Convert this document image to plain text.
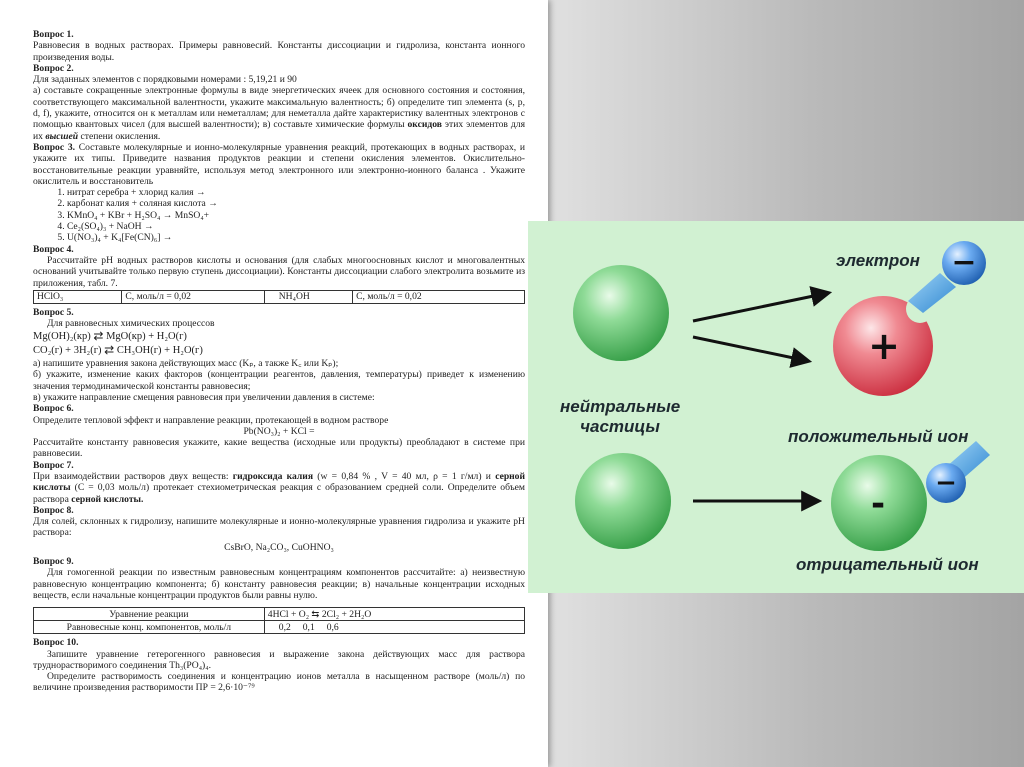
Вопрос 1.

Равновесия в водных растворах. Примеры равновесий. Константы диссоциации и гидролиза, константа ионного произведения воды.

Вопрос 2.

Для заданных элементов с порядковыми номерами : 5,19,21 и 90

а) составьте сокращенные электронные формулы в виде энергетических ячеек для основного состояния и состояния, соответствующего максимальной валентности, укажите максимальную валентность; б) определите тип элемента (s, p, d, f), укажите, относится он к металлам или неметаллам; для неметалла дайте характеристику валентных электронов с помощью квантовых чисел (для высшей валентности); в) составьте химические формулы оксидов этих элементов для их высшей степени окисления.

Вопрос 3. Составьте молекулярные и ионно-молекулярные уравнения реакций, протекающих в водных растворах, и укажите их типы. Приведите названия продуктов реакции и степени окисления элементов. Окислительно-восстановительные реакции уравняйте, используя метод электронного или электронно-ионного баланса . Укажите окислитель и восстановитель

1. нитрат серебра + хлорид калия →
2. карбонат калия + соляная кислота →
3. KMnO₄ + KBr + H₂SO₄ → MnSO₄+
4. Ce₂(SO₄)₃ + NaOH →
5. U(NO₃)₄ + K₄[Fe(CN)₆] →
Вопрос 4.

Рассчитайте pH водных растворов кислоты и основания (для слабых многоосновных кислот и многовалентных оснований учитывайте только первую ступень диссоциации). Константы диссоциации слабого электролита возьмите из приложения, табл. 7.

HClO₃	С, моль/л = 0,02	NH₄OH	С, моль/л = 0,02
Вопрос 5.

Для равновесных химических процессов

Mg(OH)₂(кр) ⇄ MgO(кр) + H₂O(г)
CO₂(г) + 3H₂(г) ⇄ CH₃OH(г) + H₂O(г)

а) напишите уравнения закона действующих масс (Kₚ, а также K꜀ или Kₚ);

б) укажите, изменение каких факторов (концентрации реагентов, давления, температуры) приведет к изменению значения термодинамической константы равновесия;

в) укажите направление смещения равновесия при увеличении давления в системе:

Вопрос 6.

Определите тепловой эффект и направление реакции, протекающей в водном растворе

Pb(NO₃)₂ + KCl =

Рассчитайте константу равновесия укажите, какие вещества (исходные или продукты) преобладают в системе при равновесии.

Вопрос 7.

При взаимодействии растворов двух веществ: гидроксида калия (w = 0,84 % , V = 40 мл, ρ = 1 г/мл) и серной кислоты (С = 0,03 моль/л) протекает стехиометрическая реакция с образованием средней соли. Определите объем раствора серной кислоты.

Вопрос 8.

Для солей, склонных к гидролизу, напишите молекулярные и ионно-молекулярные уравнения гидролиза и укажите pH раствора:

CsBrO, Na₂CO₃, CuOHNO₃

Вопрос 9.

Для гомогенной реакции по известным равновесным концентрациям компонентов рассчитайте: а) неизвестную равновесную концентрацию компонента; б) константу равновесия реакции; в) начальные концентрации исходных веществ, если начальные концентрации продуктов были равны нулю.

Уравнение реакции	4HCl + O₂ ⇆ 2Cl₂ + 2H₂O
Равновесные конц. компонентов, моль/л	0,2     0,1     0,6
Вопрос 10.

Запишите уравнение гетерогенного равновесия и выражение закона действующих масс для раствора труднорастворимого соединения Th₃(PO₄)₄.

Определите растворимость соединения и концентрацию ионов металла в насыщенном растворе (моль/л) по величине произведения растворимости ПР = 2,6·10⁻⁷⁹

+
−
-
−
электрон
нейтральные частицы
положительный ион
отрицательный ион
